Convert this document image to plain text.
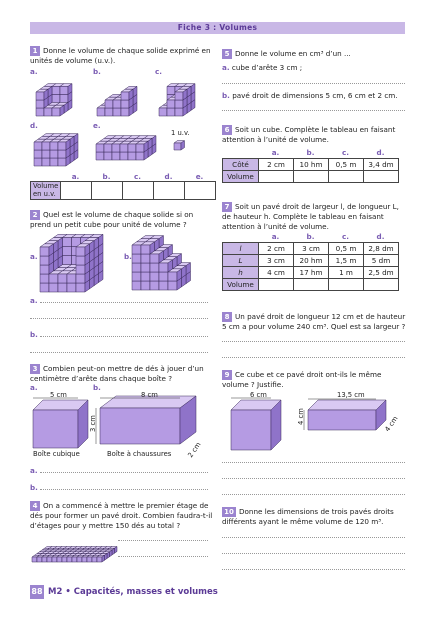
Fiche 3 : Volumes
1 Donne le volume de chaque solide exprimé en
unités de volume (u.v.).
a.	b.	c.
d.	e.
1 u.v.
a.	b.	c.	d.	e.
Volume
en u.v.					
2 Quel est le volume de chaque solide si on
prend un petit cube pour unité de volume ?
a.	b.
a.
b.
3 Combien peut-on mettre de dés à jouer d’un
centimètre d’arête dans chaque boîte ?
a.	b.
5 cm	8 cm
3 cm
2 cm
Boîte cubique	Boîte à chaussures
a.
b.
4 On a commencé à mettre le premier étage de
dés pour former un pavé droit. Combien faudra-t-il
d’étages pour y mettre 150 dés au total ?
5 Donne le volume en cm³ d’un ...
a. cube d’arête 3 cm ;
b. pavé droit de dimensions 5 cm, 6 cm et 2 cm.
6 Soit un cube. Complète le tableau en faisant
attention à l’unité de volume.
a.	b.	c.	d.
Côté	2 cm	10 hm	0,5 m	3,4 dm
Volume				
7 Soit un pavé droit de largeur l, de longueur L,
de hauteur h. Complète le tableau en faisant
attention à l’unité de volume.
a.	b.	c.	d.
l	2 cm	3 cm	0,5 m	2,8 dm
L	3 cm	20 hm	1,5 m	5 dm
h	4 cm	17 hm	1 m	2,5 dm
Volume				
8 Un pavé droit de longueur 12 cm et de hauteur
5 cm a pour volume 240 cm³. Quel est sa largeur ?
9 Ce cube et ce pavé droit ont-ils le même
volume ? Justifie.
6 cm	13,5 cm
4 cm	4 cm
10 Donne les dimensions de trois pavés droits
différents ayant le même volume de 120 m³.
88 M2 • Capacités, masses et volumes
